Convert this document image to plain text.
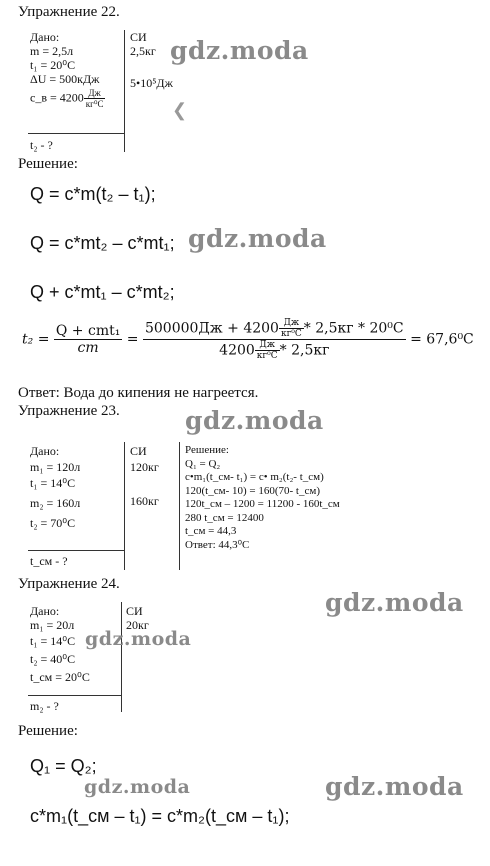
Упражнение 22.
Дано:
m = 2,5л
t₁ = 20⁰C
ΔU = 500кДж
c_в = $4200 \frac{Дж}{\text{кг⁰С}}$
t₂ - ?
СИ
2,5кг
5•10⁵Дж
gdz.moda
❮
Решение:
Q = c*m(t₂ – t₁);
Q = c*mt₂ – c*mt₁; gdz.moda
Q + c*mt₁ – c*mt₂;
$t_2 = \frac{\text{Q + cmt₁}}{cm} = \frac{500000Дж + 4200 \frac{Дж}{\text{кг⁰С}} * 2,5кг * 20^0С}{4200 \frac{Дж}{\text{кг⁰С}} * 2,5кг} = 67,6^0С$
Ответ: Вода до кипения не нагреется.
Упражнение 23.	gdz.moda
Дано:
m₁ = 120л
t₁ = 14⁰C
m₂ = 160л
t₂ = 70⁰C
t_см - ?
СИ
120кг
160кг
Решение:
Q₁ = Q₂
c•m₁(t_см- t₁) = c• m₂(t₂- t_см)
120(t_см- 10) = 160(70- t_см)
120t_см – 1200 = 11200 - 160t_см
280 t_см = 12400
t_см = 44,3
Ответ: 44,3⁰С
Упражнение 24.
gdz.moda
Дано:
m₁ = 20л
t₁ = 14⁰C
t₂ = 40⁰C
t_см = 20⁰C
m₂ - ?
СИ
20кг
gdz.moda
Решение:
Q₁ = Q₂;
gdz.moda	gdz.moda
c*m₁(t_см – t₁) = c*m₂(t_см – t₁);
